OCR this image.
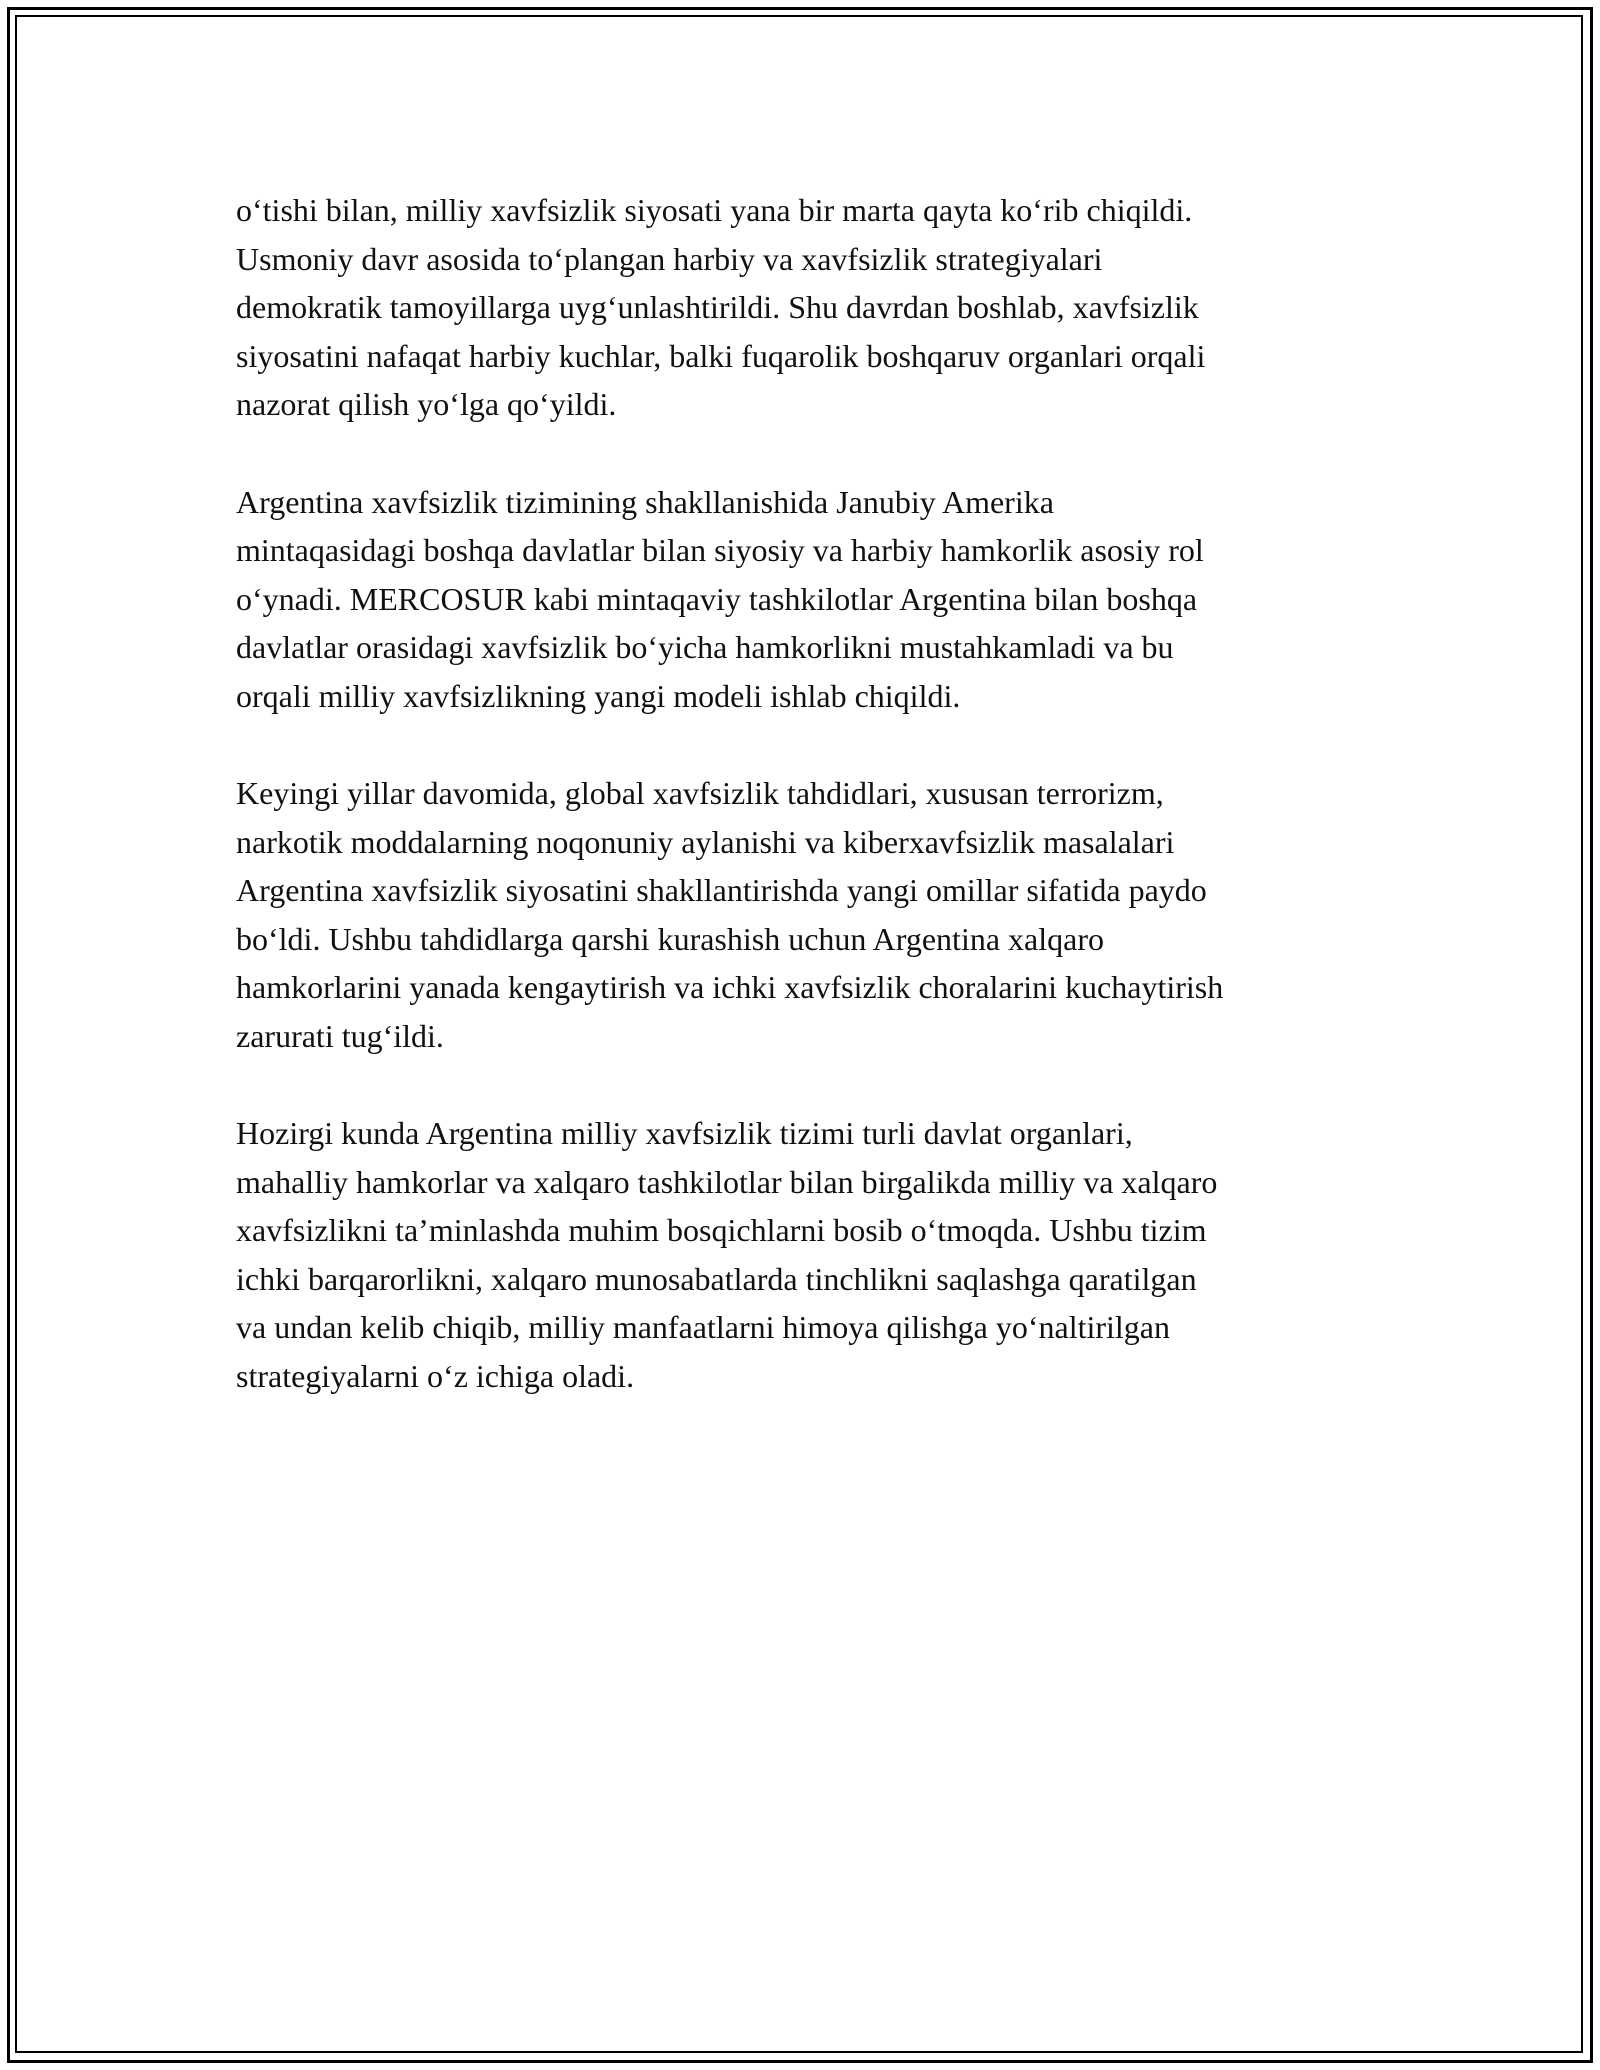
o‘tishi bilan, milliy xavfsizlik siyosati yana bir marta qayta ko‘rib chiqildi.
Usmoniy davr asosida to‘plangan harbiy va xavfsizlik strategiyalari
demokratik tamoyillarga uyg‘unlashtirildi. Shu davrdan boshlab, xavfsizlik
siyosatini nafaqat harbiy kuchlar, balki fuqarolik boshqaruv organlari orqali
nazorat qilish yo‘lga qo‘yildi.

Argentina xavfsizlik tizimining shakllanishida Janubiy Amerika
mintaqasidagi boshqa davlatlar bilan siyosiy va harbiy hamkorlik asosiy rol
o‘ynadi. MERCOSUR kabi mintaqaviy tashkilotlar Argentina bilan boshqa
davlatlar orasidagi xavfsizlik bo‘yicha hamkorlikni mustahkamladi va bu
orqali milliy xavfsizlikning yangi modeli ishlab chiqildi.

Keyingi yillar davomida, global xavfsizlik tahdidlari, xususan terrorizm,
narkotik moddalarning noqonuniy aylanishi va kiberxavfsizlik masalalari
Argentina xavfsizlik siyosatini shakllantirishda yangi omillar sifatida paydo
bo‘ldi. Ushbu tahdidlarga qarshi kurashish uchun Argentina xalqaro
hamkorlarini yanada kengaytirish va ichki xavfsizlik choralarini kuchaytirish
zarurati tug‘ildi.

Hozirgi kunda Argentina milliy xavfsizlik tizimi turli davlat organlari,
mahalliy hamkorlar va xalqaro tashkilotlar bilan birgalikda milliy va xalqaro
xavfsizlikni ta’minlashda muhim bosqichlarni bosib o‘tmoqda. Ushbu tizim
ichki barqarorlikni, xalqaro munosabatlarda tinchlikni saqlashga qaratilgan
va undan kelib chiqib, milliy manfaatlarni himoya qilishga yo‘naltirilgan
strategiyalarni o‘z ichiga oladi.
